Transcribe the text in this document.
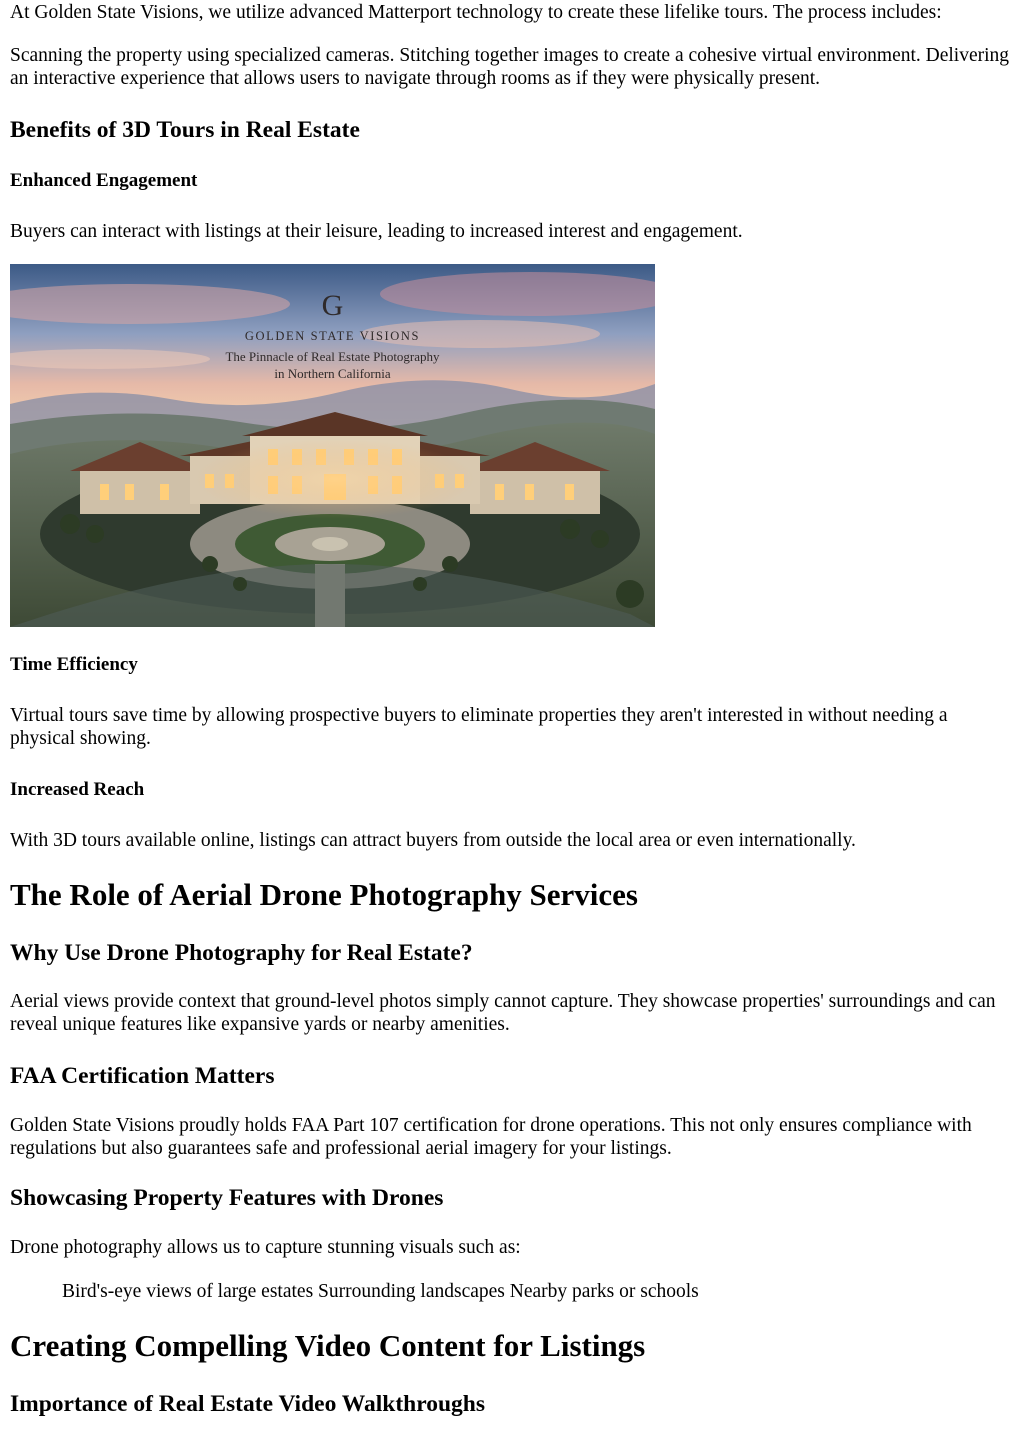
At Golden State Visions, we utilize advanced Matterport technology to create these lifelike tours. The process includes:

Scanning the property using specialized cameras. Stitching together images to create a cohesive virtual environment. Delivering an interactive experience that allows users to navigate through rooms as if they were physically present.

Benefits of 3D Tours in Real Estate
Enhanced Engagement

Buyers can interact with listings at their leisure, leading to increased interest and engagement.

G
GOLDEN STATE VISIONS
The Pinnacle of Real Estate Photography
in Northern California
Time Efficiency

Virtual tours save time by allowing prospective buyers to eliminate properties they aren't interested in without needing a physical showing.

Increased Reach

With 3D tours available online, listings can attract buyers from outside the local area or even internationally.

The Role of Aerial Drone Photography Services
Why Use Drone Photography for Real Estate?

Aerial views provide context that ground-level photos simply cannot capture. They showcase properties' surroundings and can reveal unique features like expansive yards or nearby amenities.

FAA Certification Matters

Golden State Visions proudly holds FAA Part 107 certification for drone operations. This not only ensures compliance with regulations but also guarantees safe and professional aerial imagery for your listings.

Showcasing Property Features with Drones

Drone photography allows us to capture stunning visuals such as:

Bird's-eye views of large estates Surrounding landscapes Nearby parks or schools

Creating Compelling Video Content for Listings
Importance of Real Estate Video Walkthroughs
